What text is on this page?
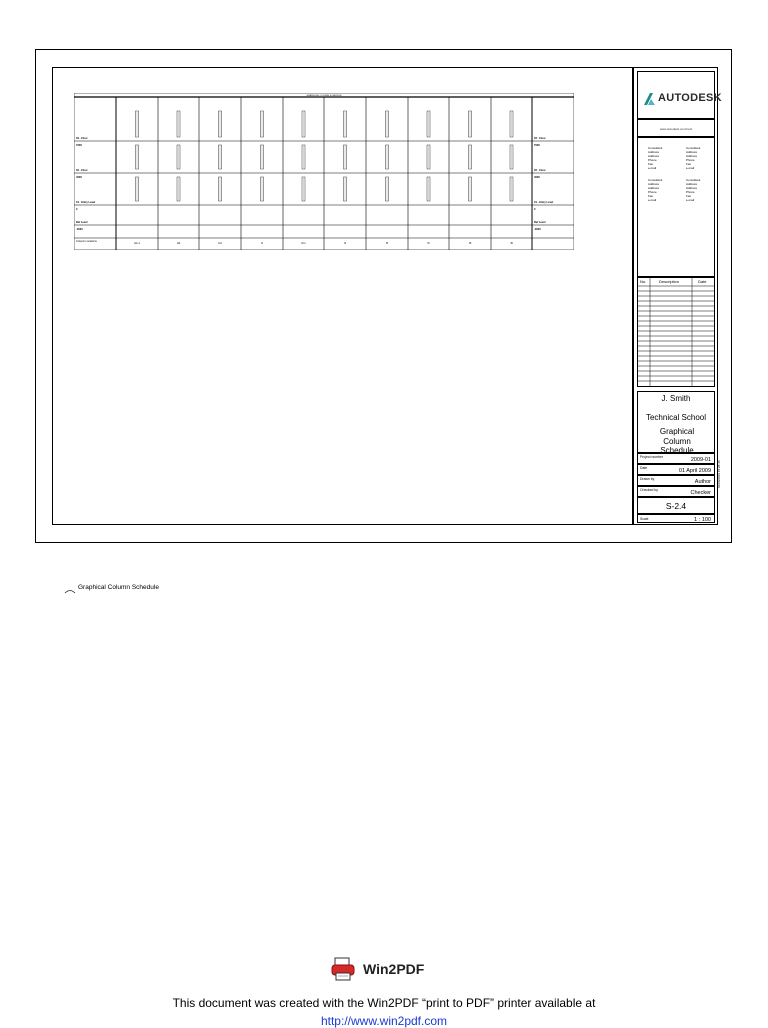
AUTODESK
www.autodesk.com/revit
Consultant
Address
Address
Phone
Fax
e-mail
Consultant
Address
Address
Phone
Fax
e-mail
Consultant
Address
Address
Phone
Fax
e-mail
Consultant
Address
Address
Phone
Fax
e-mail
No.	Description	Date
J. Smith
Technical School
Graphical Column Schedule
Project number	2009-01
Date	01 April 2009
Drawn by	Author
Checked by	Checker
S-2.4
Scale	1 : 100
01/06/2019 15:28:36
GRAPHICAL COLUMN SCHEDULE
03 - Floor
7000
02 - Floor
4000
01 - Entry Level
0
Ref Level
-3000
03 - Floor
7000
02 - Floor
4000
01 - Entry Level
0
Ref Level
-3000
Column Locations
H4-1	H4	H3	I1	I3-1	I4	I5	I6	J5	J6
Graphical Column Schedule
Win2PDF
This document was created with the Win2PDF “print to PDF” printer available at
http://www.win2pdf.com
